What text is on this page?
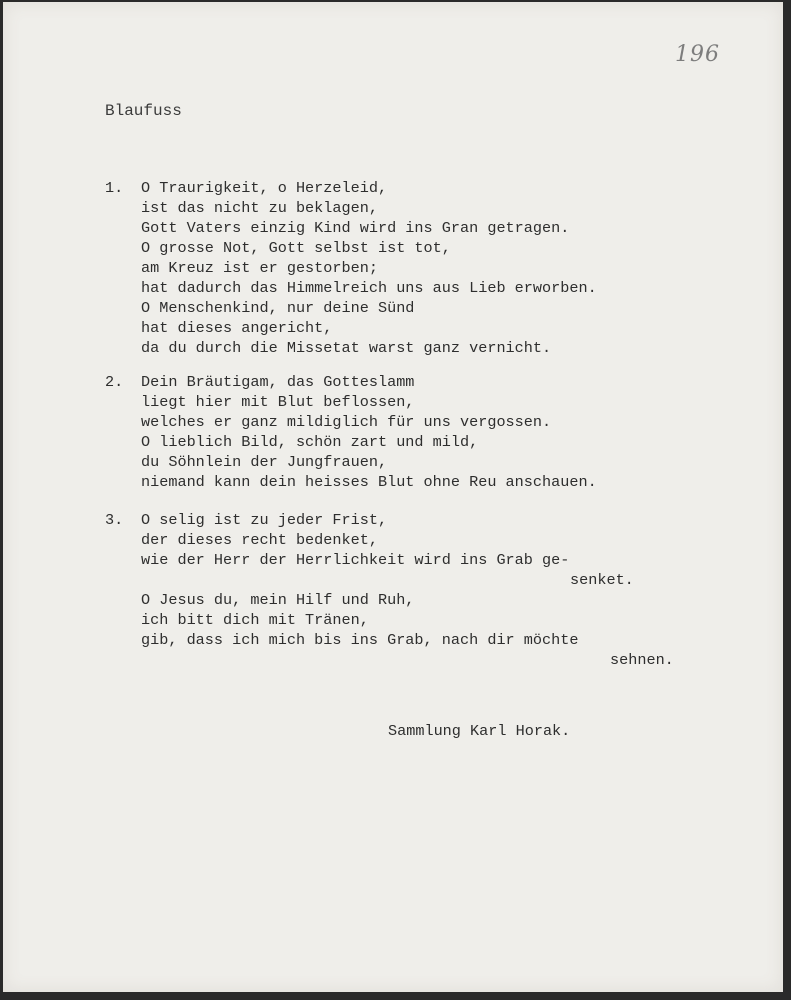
196
Blaufuss
1. O Traurigkeit, o Herzeleid,
ist das nicht zu beklagen,
Gott Vaters einzig Kind wird ins Gran getragen.
O grosse Not, Gott selbst ist tot,
am Kreuz ist er gestorben;
hat dadurch das Himmelreich uns aus Lieb erworben.
O Menschenkind, nur deine Sünd
hat dieses angericht,
da du durch die Missetat warst ganz vernicht.
2. Dein Bräutigam, das Gotteslamm
liegt hier mit Blut beflossen,
welches er ganz mildiglich für uns vergossen.
O lieblich Bild, schön zart und mild,
du Söhnlein der Jungfrauen,
niemand kann dein heisses Blut ohne Reu anschauen.
3. O selig ist zu jeder Frist,
der dieses recht bedenket,
wie der Herr der Herrlichkeit wird ins Grab ge-
senket.
O Jesus du, mein Hilf und Ruh,
ich bitt dich mit Tränen,
gib, dass ich mich bis ins Grab, nach dir möchte
sehnen.
Sammlung Karl Horak.
